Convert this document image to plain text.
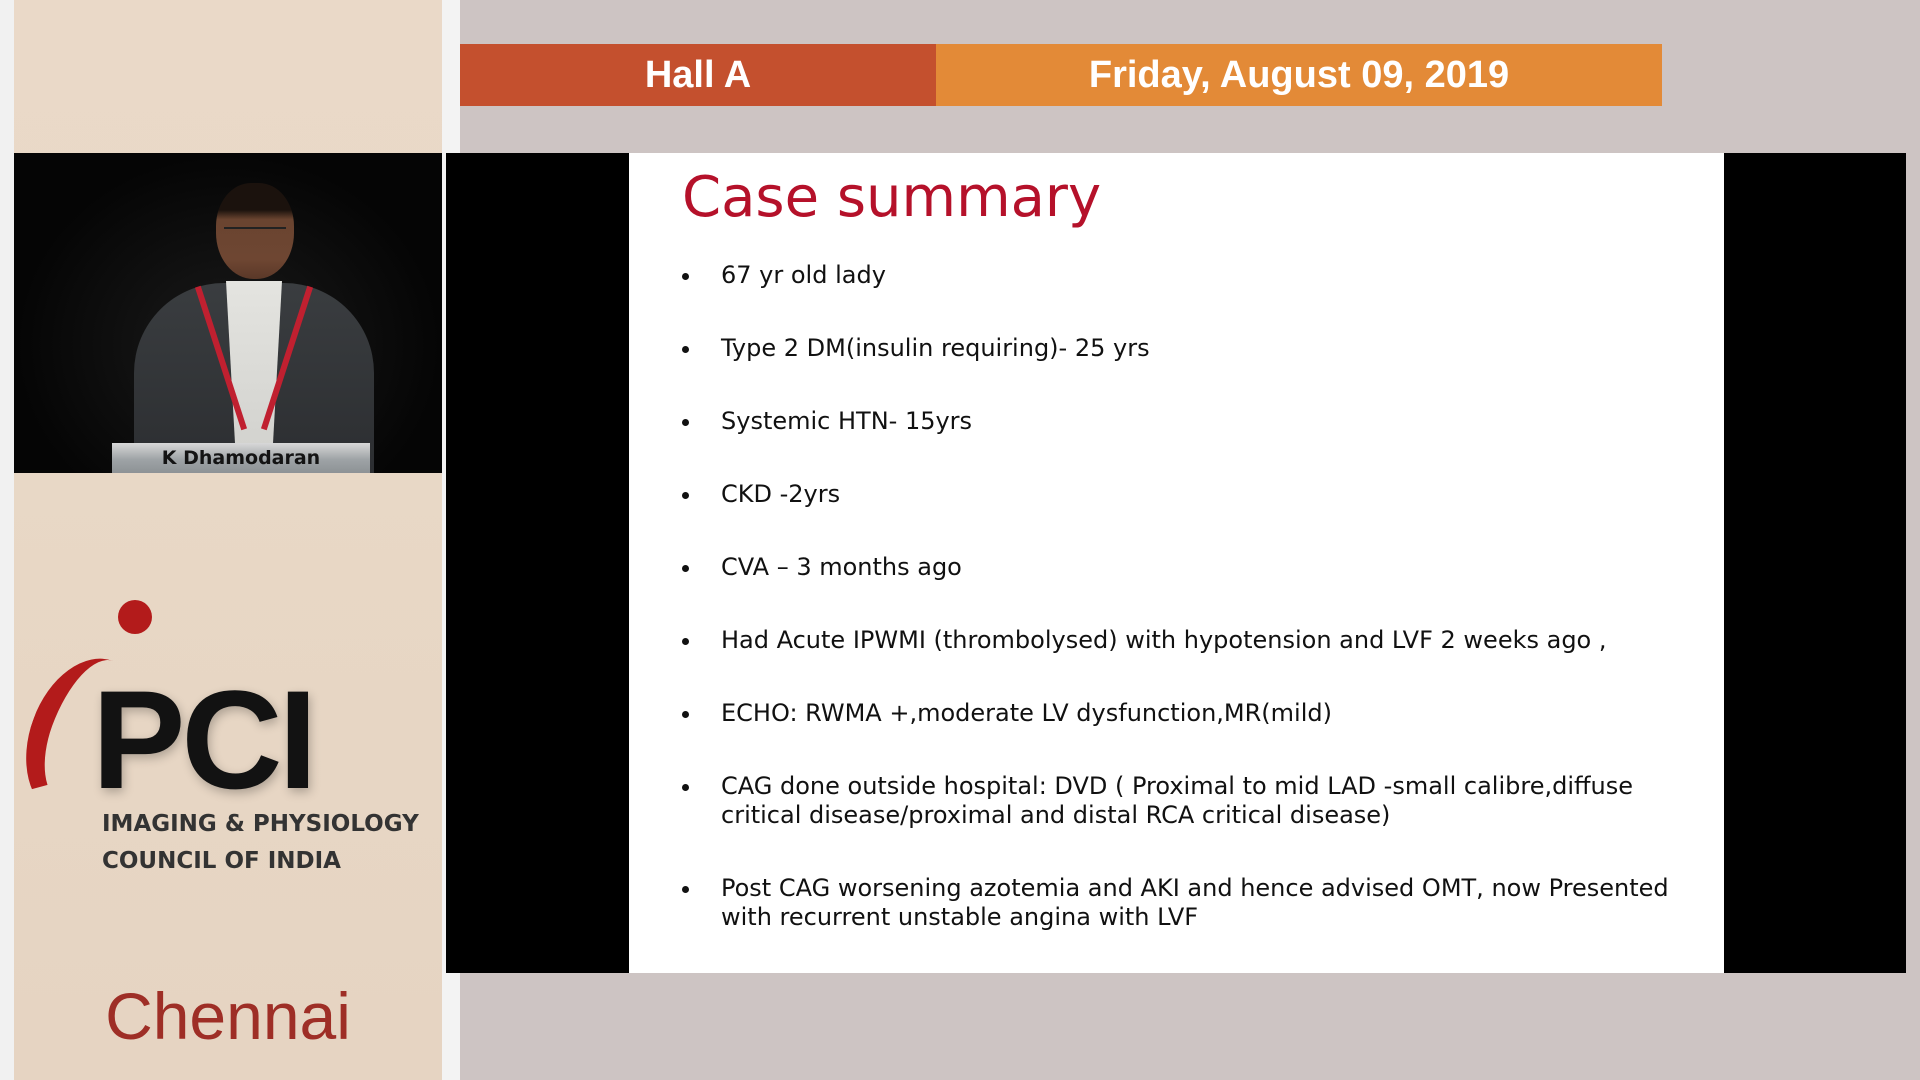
Hall A	Friday, August 09, 2019
K Dhamodaran
PCI

IMAGING & PHYSIOLOGY
COUNCIL OF INDIA

Chennai
Case summary
67 yr old lady
Type 2 DM(insulin requiring)- 25 yrs
Systemic HTN- 15yrs
CKD -2yrs
CVA – 3 months ago
Had Acute IPWMI (thrombolysed) with hypotension and LVF 2 weeks ago ,
ECHO: RWMA +,moderate LV dysfunction,MR(mild)
CAG done outside hospital: DVD ( Proximal to mid LAD -small calibre,diffuse critical disease/proximal and distal RCA critical disease)
Post CAG worsening azotemia and AKI and hence advised OMT, now Presented with recurrent unstable angina with LVF
